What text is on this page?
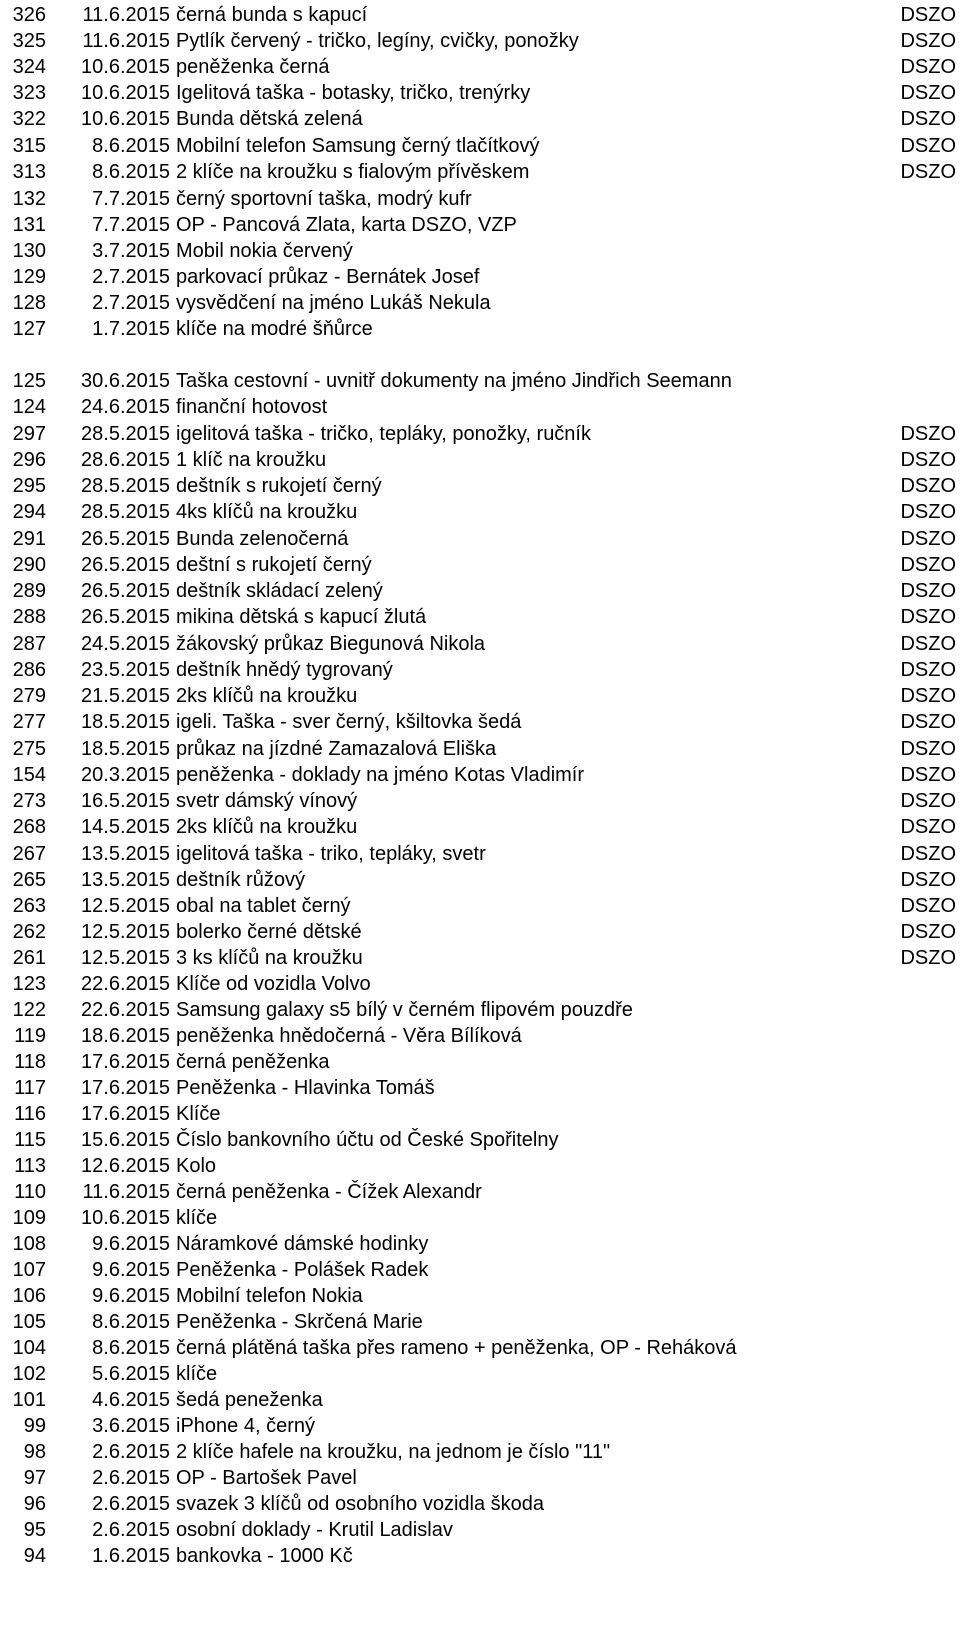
326	11.6.2015 černá bunda s kapucí	DSZO
325	11.6.2015 Pytlík červený - tričko, legíny, cvičky, ponožky	DSZO
324	10.6.2015 peněženka černá	DSZO
323	10.6.2015 Igelitová taška - botasky, tričko, trenýrky	DSZO
322	10.6.2015 Bunda dětská zelená	DSZO
315	8.6.2015 Mobilní telefon Samsung černý tlačítkový	DSZO
313	8.6.2015 2 klíče na kroužku s fialovým přívěskem	DSZO
132	7.7.2015 černý sportovní taška, modrý kufr
131	7.7.2015 OP - Pancová Zlata, karta DSZO, VZP
130	3.7.2015 Mobil nokia červený
129	2.7.2015 parkovací průkaz - Bernátek Josef
128	2.7.2015 vysvědčení na jméno Lukáš Nekula
127	1.7.2015 klíče na modré šňůrce
125	30.6.2015 Taška cestovní - uvnitř dokumenty na jméno Jindřich Seemann
124	24.6.2015 finanční hotovost
297	28.5.2015 igelitová taška - tričko, tepláky, ponožky, ručník	DSZO
296	28.6.2015 1 klíč na kroužku	DSZO
295	28.5.2015 deštník s rukojetí černý	DSZO
294	28.5.2015 4ks klíčů na kroužku	DSZO
291	26.5.2015 Bunda zelenočerná	DSZO
290	26.5.2015 deštní s rukojetí černý	DSZO
289	26.5.2015 deštník skládací zelený	DSZO
288	26.5.2015 mikina dětská s kapucí žlutá	DSZO
287	24.5.2015 žákovský průkaz Biegunová Nikola	DSZO
286	23.5.2015 deštník hnědý tygrovaný	DSZO
279	21.5.2015 2ks klíčů na kroužku	DSZO
277	18.5.2015 igeli. Taška - sver černý, kšiltovka šedá	DSZO
275	18.5.2015 průkaz na jízdné Zamazalová Eliška	DSZO
154	20.3.2015 peněženka - doklady na jméno Kotas Vladimír	DSZO
273	16.5.2015 svetr dámský vínový	DSZO
268	14.5.2015 2ks klíčů na kroužku	DSZO
267	13.5.2015 igelitová taška - triko, tepláky, svetr	DSZO
265	13.5.2015 deštník růžový	DSZO
263	12.5.2015 obal na tablet černý	DSZO
262	12.5.2015 bolerko černé dětské	DSZO
261	12.5.2015 3 ks klíčů na kroužku	DSZO
123	22.6.2015 Klíče od vozidla Volvo
122	22.6.2015 Samsung galaxy s5 bílý v černém flipovém pouzdře
119	18.6.2015 peněženka hnědočerná - Věra Bílíková
118	17.6.2015 černá peněženka
117	17.6.2015 Peněženka - Hlavinka Tomáš
116	17.6.2015 Klíče
115	15.6.2015 Číslo bankovního účtu od České Spořitelny
113	12.6.2015 Kolo
110	11.6.2015 černá peněženka - Čížek Alexandr
109	10.6.2015 klíče
108	9.6.2015 Náramkové dámské hodinky
107	9.6.2015 Peněženka - Polášek Radek
106	9.6.2015 Mobilní telefon Nokia
105	8.6.2015 Peněženka - Skrčená Marie
104	8.6.2015 černá plátěná taška přes rameno + peněženka, OP - Reháková
102	5.6.2015 klíče
101	4.6.2015 šedá peneženka
99	3.6.2015 iPhone 4, černý
98	2.6.2015 2 klíče hafele na kroužku, na jednom je číslo "11"
97	2.6.2015 OP - Bartošek Pavel
96	2.6.2015 svazek 3 klíčů od osobního vozidla škoda
95	2.6.2015 osobní doklady - Krutil Ladislav
94	1.6.2015 bankovka - 1000 Kč
